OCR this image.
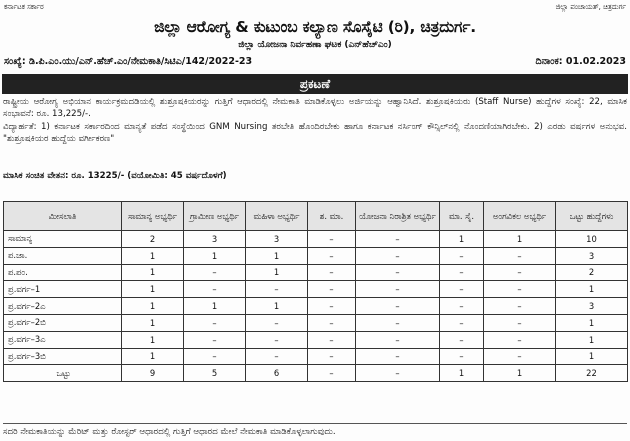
ಕರ್ನಾಟಕ ಸರ್ಕಾರ	ಜಿಲ್ಲಾ ಪಂಚಾಯತ್, ಚಿತ್ರದುರ್ಗ
ಜಿಲ್ಲಾ ಆರೋಗ್ಯ & ಕುಟುಂಬ ಕಲ್ಯಾಣ ಸೊಸೈಟಿ (ರಿ), ಚಿತ್ರದುರ್ಗ.
ಜಿಲ್ಲಾ ಯೋಜನಾ ನಿರ್ವಹಣಾ ಘಟಕ (ಎನ್‌ಹೆಚ್‌ಎಂ)
ಸಂಖ್ಯೆ: ಡಿ.ಪಿ.ಎಂ.ಯು/ಎನ್.ಹೆಚ್.ಎಂ/ನೇಮಕಾತಿ/ಸಿಟಿಎ/142/2022-23	ದಿನಾಂಕ: 01.02.2023
ಪ್ರಕಟಣೆ
ರಾಷ್ಟ್ರೀಯ ಆರೋಗ್ಯ ಅಭಿಯಾನ ಕಾರ್ಯಕ್ರಮದಡಿಯಲ್ಲಿ ಶುಶ್ರೂಷಕಿಯರನ್ನು ಗುತ್ತಿಗೆ ಆಧಾರದಲ್ಲಿ ನೇಮಕಾತಿ ಮಾಡಿಕೊಳ್ಳಲು ಅರ್ಜಿಯನ್ನು ಆಹ್ವಾನಿಸಿದೆ. ಶುಶ್ರೂಷಕಿಯರು (Staff Nurse) ಹುದ್ದೆಗಳ ಸಂಖ್ಯೆ: 22, ಮಾಸಿಕ ಸಂಭಾವನೆ: ರೂ. 13,225/-.
ವಿದ್ಯಾರ್ಹತೆ: 1) ಕರ್ನಾಟಕ ಸರ್ಕಾರದಿಂದ ಮಾನ್ಯತೆ ಪಡೆದ ಸಂಸ್ಥೆಯಿಂದ GNM Nursing ತರಬೇತಿ ಹೊಂದಿರಬೇಕು ಹಾಗೂ ಕರ್ನಾಟಕ ನರ್ಸಿಂಗ್ ಕೌನ್ಸಿಲ್‌ನಲ್ಲಿ ನೊಂದಣಿಯಾಗಿರಬೇಕು. 2) ಎರಡು ವರ್ಷಗಳ ಅನುಭವ. "ಶುಶ್ರೂಷಕಿಯರ ಹುದ್ದೆಯ ವರ್ಗೀಕರಣ"
ಮಾಸಿಕ ಸಂಚಿತ ವೇತನ: ರೂ. 13225/- (ವಯೋಮಿತಿ: 45 ವರ್ಷದೊಳಗೆ)
ಮೀಸಲಾತಿ	ಸಾಮಾನ್ಯ ಅಭ್ಯರ್ಥಿ	ಗ್ರಾಮೀಣ ಅಭ್ಯರ್ಥಿ	ಮಹಿಳಾ ಅಭ್ಯರ್ಥಿ	ಶ. ಮಾ.	ಯೋಜನಾ ನಿರಾಶ್ರಿತ ಅಭ್ಯರ್ಥಿ	ಮಾ. ಸೈ.	ಅಂಗವಿಕಲ ಅಭ್ಯರ್ಥಿ	ಒಟ್ಟು ಹುದ್ದೆಗಳು
ಸಾಮಾನ್ಯ	2	3	3	–	–	1	1	10
ಪ.ಜಾ.	1	1	1	–	–	–	–	3
ಪ.ಪಂ.	1	–	1	–	–	–	–	2
ಪ್ರ.ವರ್ಗ–1	1	–	–	–	–	–	–	1
ಪ್ರ.ವರ್ಗ–2ಎ	1	1	1	–	–	–	–	3
ಪ್ರ.ವರ್ಗ–2ಬಿ	1	–	–	–	–	–	–	1
ಪ್ರ.ವರ್ಗ–3ಎ	1	–	–	–	–	–	–	1
ಪ್ರ.ವರ್ಗ–3ಬಿ	1	–	–	–	–	–	–	1
ಒಟ್ಟು	9	5	6	–	–	1	1	22
ಸದರಿ ನೇಮಕಾತಿಯನ್ನು ಮೆರಿಟ್ ಮತ್ತು ರೋಸ್ಟರ್ ಆಧಾರದಲ್ಲಿ ಗುತ್ತಿಗೆ ಆಧಾರದ ಮೇಲೆ ನೇಮಕಾತಿ ಮಾಡಿಕೊಳ್ಳಲಾಗುವುದು.
